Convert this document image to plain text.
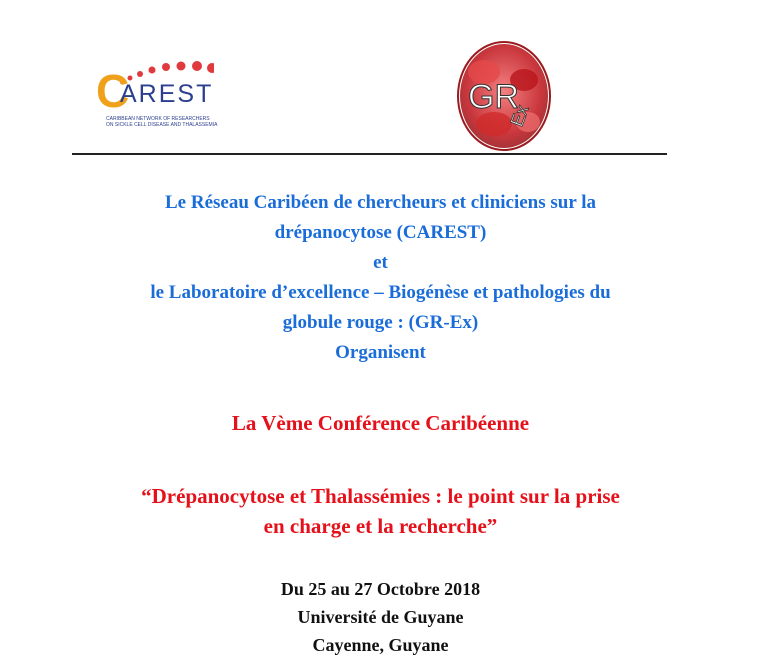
C
AREST
CARIBBEAN NETWORK OF RESEARCHERS
ON SICKLE CELL DISEASE AND THALASSEMIA
GR
Ex
Le Réseau Caribéen de chercheurs et cliniciens sur la
drépanocytose (CAREST)
et
le Laboratoire d’excellence – Biogénèse et pathologies du
globule rouge : (GR-Ex)
Organisent
La Vème Conférence Caribéenne
“Drépanocytose et Thalassémies : le point sur la prise
en charge et la recherche”
Du 25 au 27 Octobre 2018
Université de Guyane
Cayenne, Guyane
